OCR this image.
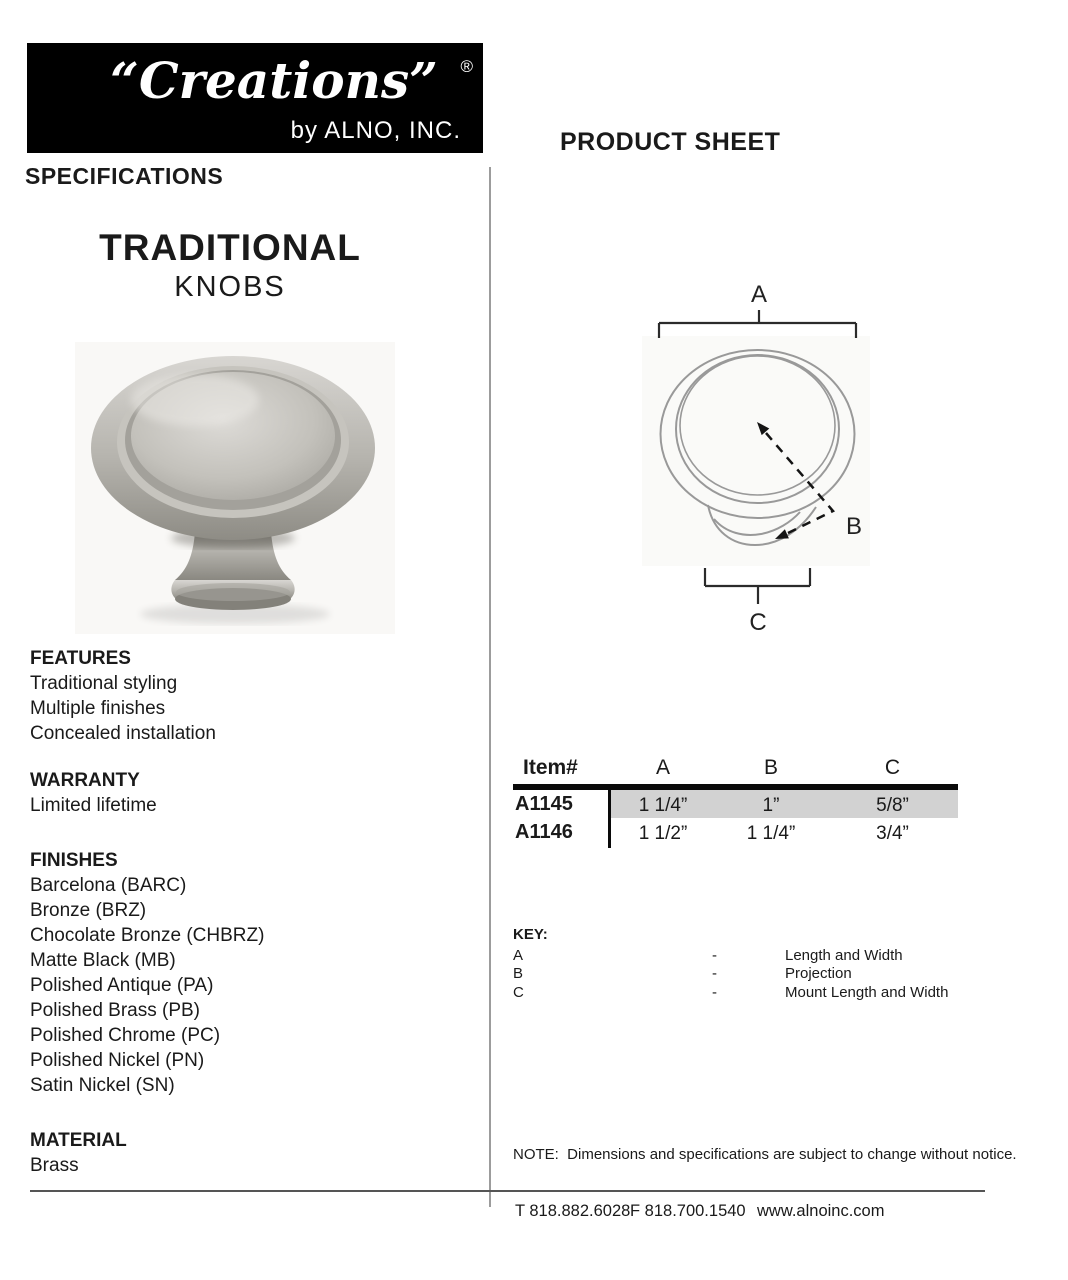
“Creations”	®
by ALNO, INC.
SPECIFICATIONS
PRODUCT SHEET
TRADITIONAL
KNOBS
FEATURES
Traditional styling
Multiple finishes
Concealed installation
WARRANTY
Limited lifetime
FINISHES
Barcelona (BARC)
Bronze (BRZ)
Chocolate Bronze (CHBRZ)
Matte Black (MB)
Polished Antique (PA)
Polished Brass (PB)
Polished Chrome (PC)
Polished Nickel (PN)
Satin Nickel (SN)
MATERIAL
Brass
A
B
C
Item#	A	B	C
A1145	1 1/4”	1”	5/8”
A1146	1 1/2”	1 1/4”	3/4”
KEY:
A	-	Length and Width
B	-	Projection
C	-	Mount Length and Width
NOTE:  Dimensions and specifications are subject to change without notice.
T 818.882.6028 F 818.700.1540 www.alnoinc.com
